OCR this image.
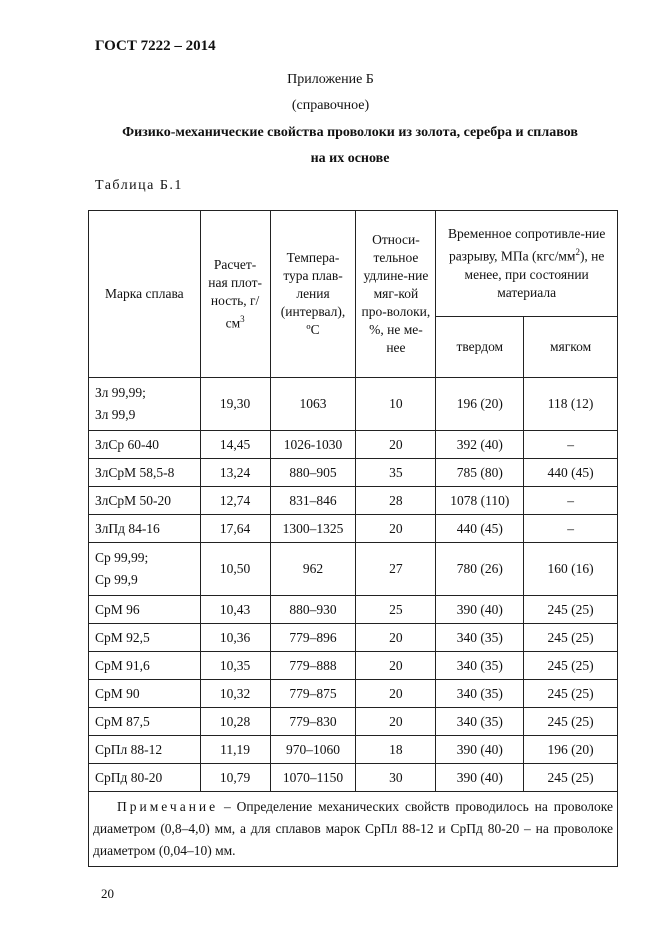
ГОСТ 7222 – 2014
Приложение Б
(справочное)
Физико-механические свойства проволоки из золота, серебра и сплавов
на их основе
Таблица Б.1
Марка сплава	Расчет-ная плот-ность, $г/см^3$	Темпера-тура плав-ления (интервал), ºС	Относи-тельное удлине-ние мяг-кой про-волоки, %, не ме-нее	Временное сопротивле-ние разрыву, МПа $(кгс/мм^2)$, не менее, при состоянии материала	
				твердом	мягком

Зл 99,99;
Зл 99,9	19,30	1063	10	196 (20)	118 (12)
ЗлСр 60-40	14,45	1026-1030	20	392 (40)	–
ЗлСрМ 58,5-8	13,24	880–905	35	785 (80)	440 (45)
ЗлСрМ 50-20	12,74	831–846	28	1078 (110)	–
ЗлПд 84-16	17,64	1300–1325	20	440 (45)	–

Ср 99,99;
Ср 99,9	10,50	962	27	780 (26)	160 (16)
СрМ 96	10,43	880–930	25	390 (40)	245 (25)
СрМ 92,5	10,36	779–896	20	340 (35)	245 (25)
СрМ 91,6	10,35	779–888	20	340 (35)	245 (25)
СрМ 90	10,32	779–875	20	340 (35)	245 (25)
СрМ 87,5	10,28	779–830	20	340 (35)	245 (25)
СрПл 88-12	11,19	970–1060	18	390 (40)	196 (20)
СрПд 80-20	10,79	1070–1150	30	390 (40)	245 (25)
Примечание – Определение механических свойств проводилось на проволоке диаметром (0,8–4,0) мм, а для сплавов марок СрПл 88-12 и СрПд 80-20 – на проволоке диаметром (0,04–10) мм.					
20
